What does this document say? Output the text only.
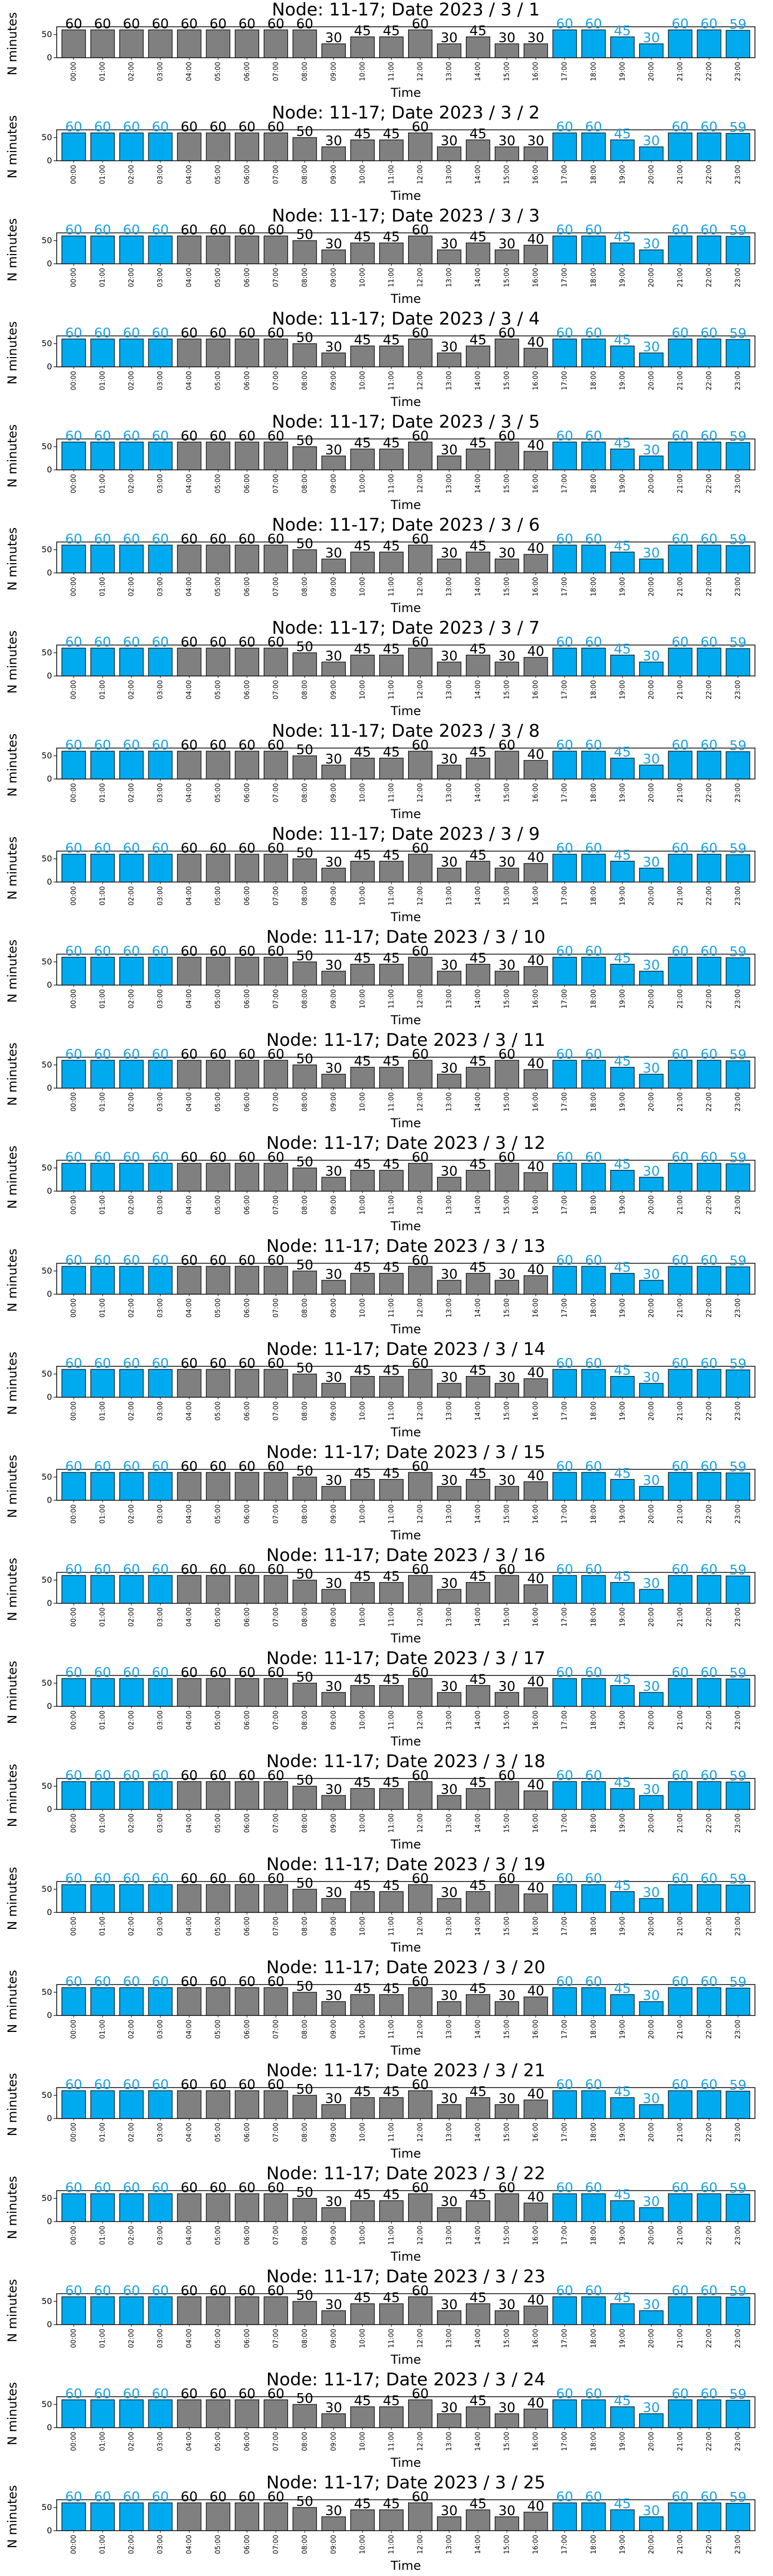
Node: 11-17; Date 2023 / 3 / 1
0
50
N minutes	60 60 60 60 60 60 60 60 60
30 45 45 60
30 45 30 30
60 60 45 30
60 60 59
00:00	01:00	02:00	03:00	04:00	05:00	06:00	07:00	08:00	09:00	10:00	11:00	12:00	13:00	14:00	15:00	16:00	17:00	18:00	19:00	20:00	21:00	22:00	23:00
Time
Node: 11-17; Date 2023 / 3 / 2
0
50
N minutes	60 60 60 60	60 60 45 30
60 60 59
60 60 60 60 50
30 45 45 60
30 45 30 30
00:00	01:00	02:00	03:00	04:00	05:00	06:00	07:00	08:00	09:00	10:00	11:00	12:00	13:00	14:00	15:00	16:00	17:00	18:00	19:00	20:00	21:00	22:00	23:00
Time
Node: 11-17; Date 2023 / 3 / 3
0
50
N minutes	60 60 60 60	60 60 45 30
60 60 59
60 60 60 60 50
30 45 45 60
30 45 30 40
00:00	01:00	02:00	03:00	04:00	05:00	06:00	07:00	08:00	09:00	10:00	11:00	12:00	13:00	14:00	15:00	16:00	17:00	18:00	19:00	20:00	21:00	22:00	23:00
Time
Node: 11-17; Date 2023 / 3 / 4
0
50
N minutes	60 60 60 60	60 60 45 30
60 60 59
60 60 60 60 50
30 45 45 60
30 45 60
40
00:00	01:00	02:00	03:00	04:00	05:00	06:00	07:00	08:00	09:00	10:00	11:00	12:00	13:00	14:00	15:00	16:00	17:00	18:00	19:00	20:00	21:00	22:00	23:00
Time
Node: 11-17; Date 2023 / 3 / 5
0
50
N minutes	60 60 60 60	60 60 45 30
60 60 59
60 60 60 60 50
30 45 45 60
30 45 60
40
00:00	01:00	02:00	03:00	04:00	05:00	06:00	07:00	08:00	09:00	10:00	11:00	12:00	13:00	14:00	15:00	16:00	17:00	18:00	19:00	20:00	21:00	22:00	23:00
Time
Node: 11-17; Date 2023 / 3 / 6
0
50
N minutes	60 60 60 60	60 60 45 30
60 60 59
60 60 60 60 50
30 45 45 60
30 45 30 40
00:00	01:00	02:00	03:00	04:00	05:00	06:00	07:00	08:00	09:00	10:00	11:00	12:00	13:00	14:00	15:00	16:00	17:00	18:00	19:00	20:00	21:00	22:00	23:00
Time
Node: 11-17; Date 2023 / 3 / 7
0
50
N minutes	60 60 60 60	60 60 45 30
60 60 59
60 60 60 60 50
30 45 45 60
30 45 30 40
00:00	01:00	02:00	03:00	04:00	05:00	06:00	07:00	08:00	09:00	10:00	11:00	12:00	13:00	14:00	15:00	16:00	17:00	18:00	19:00	20:00	21:00	22:00	23:00
Time
Node: 11-17; Date 2023 / 3 / 8
0
50
N minutes	60 60 60 60	60 60 45 30
60 60 59
60 60 60 60 50
30 45 45 60
30 45 60
40
00:00	01:00	02:00	03:00	04:00	05:00	06:00	07:00	08:00	09:00	10:00	11:00	12:00	13:00	14:00	15:00	16:00	17:00	18:00	19:00	20:00	21:00	22:00	23:00
Time
Node: 11-17; Date 2023 / 3 / 9
0
50
N minutes	60 60 60 60	60 60 45 30
60 60 59
60 60 60 60 50
30 45 45 60
30 45 30 40
00:00	01:00	02:00	03:00	04:00	05:00	06:00	07:00	08:00	09:00	10:00	11:00	12:00	13:00	14:00	15:00	16:00	17:00	18:00	19:00	20:00	21:00	22:00	23:00
Time
Node: 11-17; Date 2023 / 3 / 10
0
50
N minutes	60 60 60 60	60 60 45 30
60 60 59
60 60 60 60 50
30 45 45 60
30 45 30 40
00:00	01:00	02:00	03:00	04:00	05:00	06:00	07:00	08:00	09:00	10:00	11:00	12:00	13:00	14:00	15:00	16:00	17:00	18:00	19:00	20:00	21:00	22:00	23:00
Time
Node: 11-17; Date 2023 / 3 / 11
0
50
N minutes	60 60 60 60	60 60 45 30
60 60 59
60 60 60 60 50
30 45 45 60
30 45 60
40
00:00	01:00	02:00	03:00	04:00	05:00	06:00	07:00	08:00	09:00	10:00	11:00	12:00	13:00	14:00	15:00	16:00	17:00	18:00	19:00	20:00	21:00	22:00	23:00
Time
Node: 11-17; Date 2023 / 3 / 12
0
50
N minutes	60 60 60 60	60 60 45 30
60 60 59
60 60 60 60 50
30 45 45 60
30 45 60
40
00:00	01:00	02:00	03:00	04:00	05:00	06:00	07:00	08:00	09:00	10:00	11:00	12:00	13:00	14:00	15:00	16:00	17:00	18:00	19:00	20:00	21:00	22:00	23:00
Time
Node: 11-17; Date 2023 / 3 / 13
0
50
N minutes	60 60 60 60	60 60 45 30
60 60 59
60 60 60 60 50
30 45 45 60
30 45 30 40
00:00	01:00	02:00	03:00	04:00	05:00	06:00	07:00	08:00	09:00	10:00	11:00	12:00	13:00	14:00	15:00	16:00	17:00	18:00	19:00	20:00	21:00	22:00	23:00
Time
Node: 11-17; Date 2023 / 3 / 14
0
50
N minutes	60 60 60 60	60 60 45 30
60 60 59
60 60 60 60 50
30 45 45 60
30 45 30 40
00:00	01:00	02:00	03:00	04:00	05:00	06:00	07:00	08:00	09:00	10:00	11:00	12:00	13:00	14:00	15:00	16:00	17:00	18:00	19:00	20:00	21:00	22:00	23:00
Time
Node: 11-17; Date 2023 / 3 / 15
0
50
N minutes	60 60 60 60	60 60 45 30
60 60 59
60 60 60 60 50
30 45 45 60
30 45 30 40
00:00	01:00	02:00	03:00	04:00	05:00	06:00	07:00	08:00	09:00	10:00	11:00	12:00	13:00	14:00	15:00	16:00	17:00	18:00	19:00	20:00	21:00	22:00	23:00
Time
Node: 11-17; Date 2023 / 3 / 16
0
50
N minutes	60 60 60 60	60 60 45 30
60 60 59
60 60 60 60 50
30 45 45 60
30 45 60
40
00:00	01:00	02:00	03:00	04:00	05:00	06:00	07:00	08:00	09:00	10:00	11:00	12:00	13:00	14:00	15:00	16:00	17:00	18:00	19:00	20:00	21:00	22:00	23:00
Time
Node: 11-17; Date 2023 / 3 / 17
0
50
N minutes	60 60 60 60	60 60 45 30
60 60 59
60 60 60 60 50
30 45 45 60
30 45 30 40
00:00	01:00	02:00	03:00	04:00	05:00	06:00	07:00	08:00	09:00	10:00	11:00	12:00	13:00	14:00	15:00	16:00	17:00	18:00	19:00	20:00	21:00	22:00	23:00
Time
Node: 11-17; Date 2023 / 3 / 18
0
50
N minutes	60 60 60 60	60 60 45 30
60 60 59
60 60 60 60 50
30 45 45 60
30 45 60
40
00:00	01:00	02:00	03:00	04:00	05:00	06:00	07:00	08:00	09:00	10:00	11:00	12:00	13:00	14:00	15:00	16:00	17:00	18:00	19:00	20:00	21:00	22:00	23:00
Time
Node: 11-17; Date 2023 / 3 / 19
0
50
N minutes	60 60 60 60	60 60 45 30
60 60 59
60 60 60 60 50
30 45 45 60
30 45 60
40
00:00	01:00	02:00	03:00	04:00	05:00	06:00	07:00	08:00	09:00	10:00	11:00	12:00	13:00	14:00	15:00	16:00	17:00	18:00	19:00	20:00	21:00	22:00	23:00
Time
Node: 11-17; Date 2023 / 3 / 20
0
50
N minutes	60 60 60 60	60 60 45 30
60 60 59
60 60 60 60 50
30 45 45 60
30 45 30 40
00:00	01:00	02:00	03:00	04:00	05:00	06:00	07:00	08:00	09:00	10:00	11:00	12:00	13:00	14:00	15:00	16:00	17:00	18:00	19:00	20:00	21:00	22:00	23:00
Time
Node: 11-17; Date 2023 / 3 / 21
0
50
N minutes	60 60 60 60	60 60 45 30
60 60 59
60 60 60 60 50
30 45 45 60
30 45 30 40
00:00	01:00	02:00	03:00	04:00	05:00	06:00	07:00	08:00	09:00	10:00	11:00	12:00	13:00	14:00	15:00	16:00	17:00	18:00	19:00	20:00	21:00	22:00	23:00
Time
Node: 11-17; Date 2023 / 3 / 22
0
50
N minutes	60 60 60 60	60 60 45 30
60 60 59
60 60 60 60 50
30 45 45 60
30 45 60
40
00:00	01:00	02:00	03:00	04:00	05:00	06:00	07:00	08:00	09:00	10:00	11:00	12:00	13:00	14:00	15:00	16:00	17:00	18:00	19:00	20:00	21:00	22:00	23:00
Time
Node: 11-17; Date 2023 / 3 / 23
0
50
N minutes	60 60 60 60	60 60 45 30
60 60 59
60 60 60 60 50
30 45 45 60
30 45 30 40
00:00	01:00	02:00	03:00	04:00	05:00	06:00	07:00	08:00	09:00	10:00	11:00	12:00	13:00	14:00	15:00	16:00	17:00	18:00	19:00	20:00	21:00	22:00	23:00
Time
Node: 11-17; Date 2023 / 3 / 24
0
50
N minutes	60 60 60 60	60 60 45 30
60 60 59
60 60 60 60 50
30 45 45 60
30 45 30 40
00:00	01:00	02:00	03:00	04:00	05:00	06:00	07:00	08:00	09:00	10:00	11:00	12:00	13:00	14:00	15:00	16:00	17:00	18:00	19:00	20:00	21:00	22:00	23:00
Time
Node: 11-17; Date 2023 / 3 / 25
0
50
N minutes	60 60 60 60	60 60 45 30
60 60 59
60 60 60 60 50
30 45 45 60
30 45 30 40
00:00	01:00	02:00	03:00	04:00	05:00	06:00	07:00	08:00	09:00	10:00	11:00	12:00	13:00	14:00	15:00	16:00	17:00	18:00	19:00	20:00	21:00	22:00	23:00
Time
